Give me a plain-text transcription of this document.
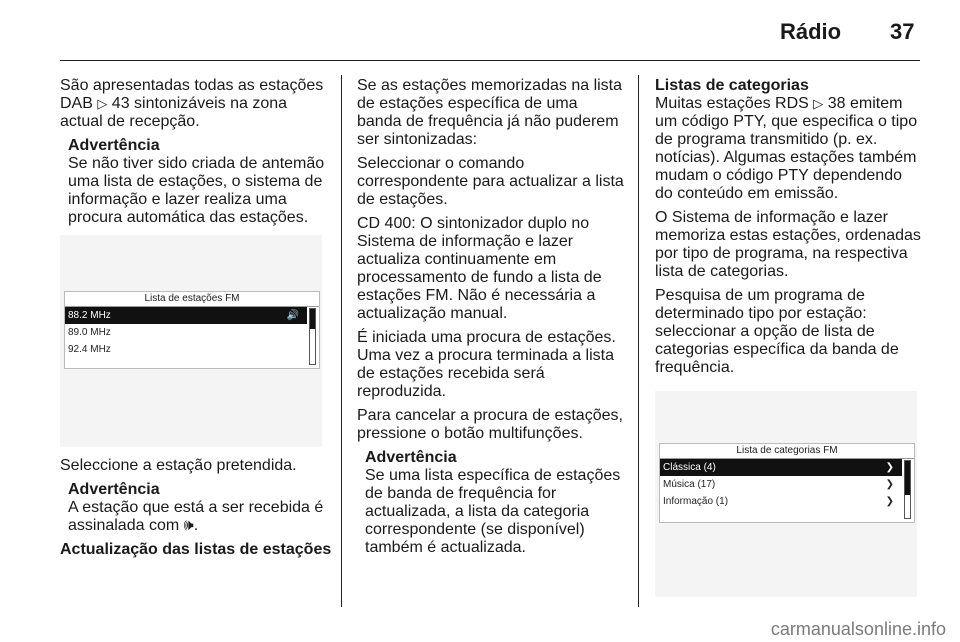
Rádio 37

São apresentadas todas as estações
DAB ▷ 43 sintonizáveis na zona
actual de recepção.

Advertência
Se não tiver sido criada de antemão
uma lista de estações, o sistema de
informação e lazer realiza uma
procura automática das estações.
Lista de estações FM
88.2 MHz	🔊
89.0 MHz
92.4 MHz

Seleccione a estação pretendida.

Advertência
A estação que está a ser recebida é
assinalada com 🕪.

Actualização das listas de estações

Se as estações memorizadas na lista
de estações específica de uma
banda de frequência já não puderem
ser sintonizadas:

Seleccionar o comando
correspondente para actualizar a lista
de estações.

CD 400: O sintonizador duplo no
Sistema de informação e lazer
actualiza continuamente em
processamento de fundo a lista de
estações FM. Não é necessária a
actualização manual.

É iniciada uma procura de estações.
Uma vez a procura terminada a lista
de estações recebida será
reproduzida.

Para cancelar a procura de estações,
pressione o botão multifunções.

Advertência
Se uma lista específica de estações
de banda de frequência for
actualizada, a lista da categoria
correspondente (se disponível)
também é actualizada.

Listas de categorias

Muitas estações RDS ▷ 38 emitem
um código PTY, que especifica o tipo
de programa transmitido (p. ex.
notícias). Algumas estações também
mudam o código PTY dependendo
do conteúdo em emissão.

O Sistema de informação e lazer
memoriza estas estações, ordenadas
por tipo de programa, na respectiva
lista de categorias.

Pesquisa de um programa de
determinado tipo por estação:
seleccionar a opção de lista de
categorias específica da banda de
frequência.

Lista de categorias FM
Clássica (4)	❯
Música (17)	❯
Informação (1)	❯
carmanualsonline.info
